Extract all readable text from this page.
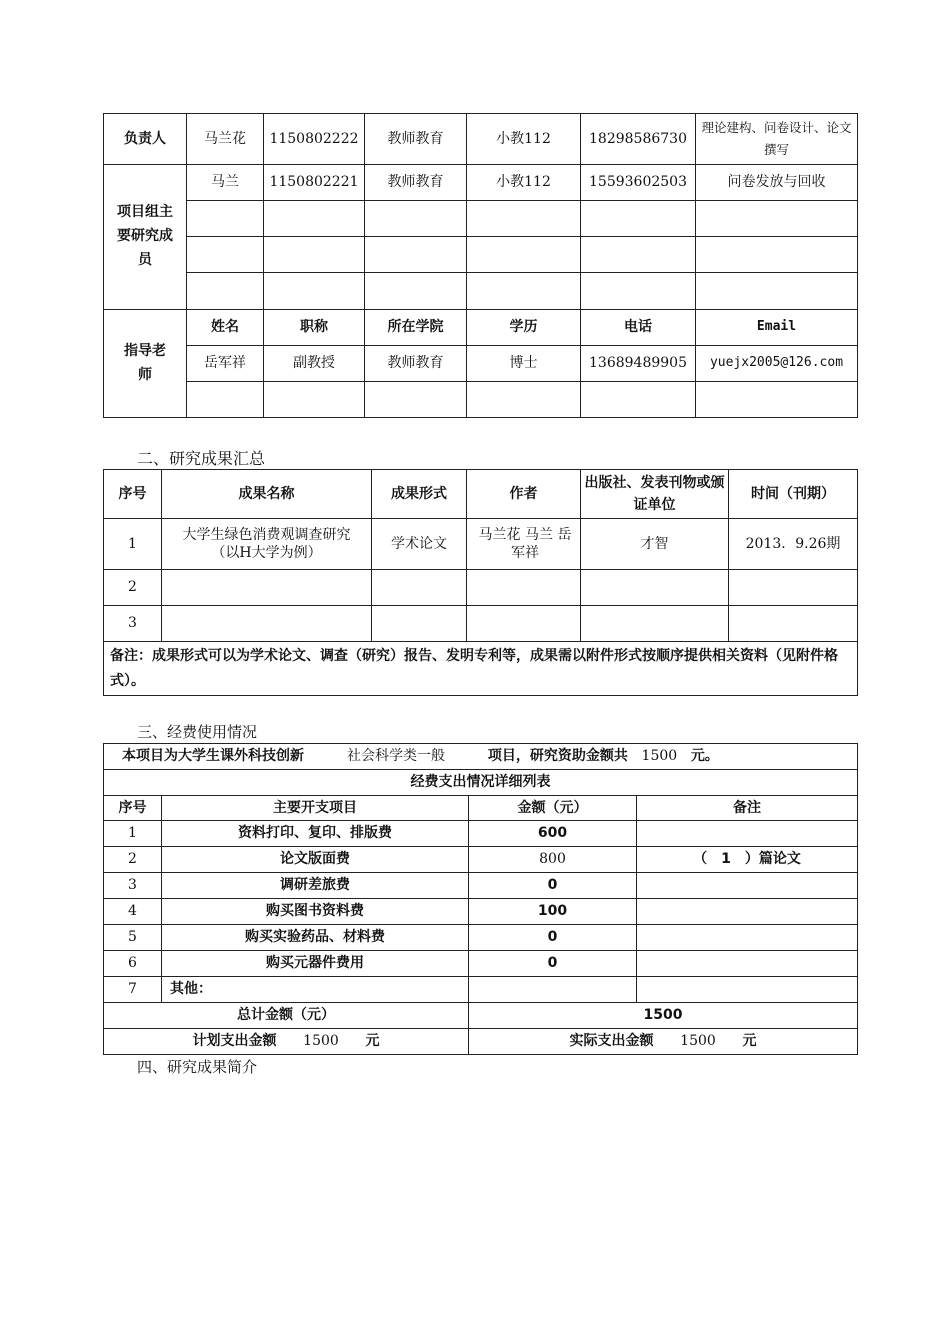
负责人	马兰花	1150802222	教师教育	小教112	18298586730	理论建构、问卷设计、论文撰写

项目组主要研究成员	马兰	1150802221	教师教育	小教112	15593602503	问卷发放与回收

指导老师	姓名	职称	所在学院	学历	电话	Email
	岳军祥	副教授	教师教育	博士	13689489905	yuejx2005@126.com

二、研究成果汇总
序号	成果名称	成果形式	作者	出版社、发表刊物或颁证单位	时间（刊期）
1	大学生绿色消费观调查研究（以H大学为例）	学术论文	马兰花 马兰 岳军祥	才智	2013．9.26期
2					
3					
备注：成果形式可以为学术论文、调查（研究）报告、发明专利等，成果需以附件形式按顺序提供相关资料（见附件格式）。					
三、经费使用情况
本项目为大学生课外科技创新 社会科学类一般 项目，研究资助金额共 1500 元。			
经费支出情况详细列表			
序号	主要开支项目	金额（元）	备注
1	资料打印、复印、排版费	600	
2	论文版面费	800	（　1　）篇论文
3	调研差旅费	0	
4	购买图书资料费	100	
5	购买实验药品、材料费	0	
6	购买元器件费用	0	
7	其他：		
总计金额（元）		1500	
计划支出金额 1500 元		实际支出金额 1500 元	
四、研究成果简介
